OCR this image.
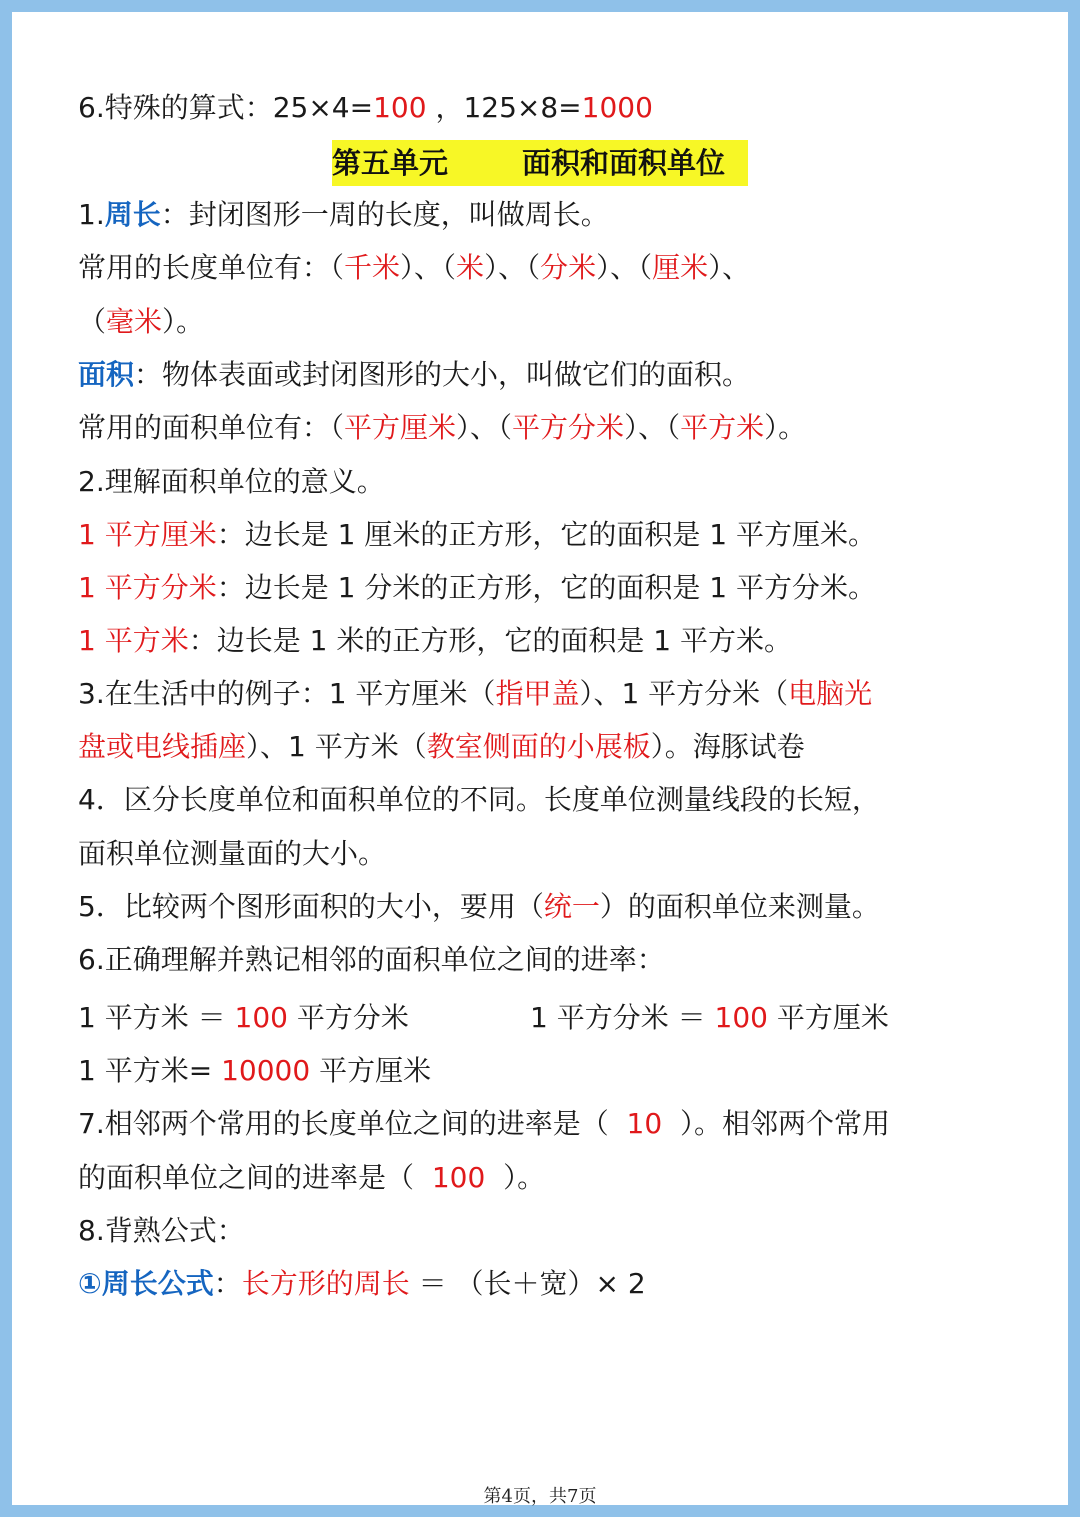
6.特殊的算式：25×4=100 ，125×8=1000
第五单元	面积和面积单位
1.周长：封闭图形一周的长度，叫做周长。
常用的长度单位有：（千米）、（米）、（分米）、（厘米）、
（毫米）。
面积：物体表面或封闭图形的大小，叫做它们的面积。
常用的面积单位有：（平方厘米）、（平方分米）、（平方米）。
2.理解面积单位的意义。
1 平方厘米：边长是 1 厘米的正方形，它的面积是 1 平方厘米。
1 平方分米：边长是 1 分米的正方形，它的面积是 1 平方分米。
1 平方米：边长是 1 米的正方形，它的面积是 1 平方米。
3.在生活中的例子：1 平方厘米（指甲盖）、1 平方分米（电脑光
盘或电线插座）、1 平方米（教室侧面的小展板）。海豚试卷
4．区分长度单位和面积单位的不同。长度单位测量线段的长短，
面积单位测量面的大小。
5．比较两个图形面积的大小，要用（统一）的面积单位来测量。
6.正确理解并熟记相邻的面积单位之间的进率：
1 平方米 ＝ 100 平方分米	1 平方分米 ＝ 100 平方厘米
1 平方米= 10000 平方厘米
7.相邻两个常用的长度单位之间的进率是（ 10 ）。相邻两个常用
的面积单位之间的进率是（ 100 ）。
8.背熟公式：
①周长公式：长方形的周长 ＝ （长＋宽）× 2
第4页，共7页
